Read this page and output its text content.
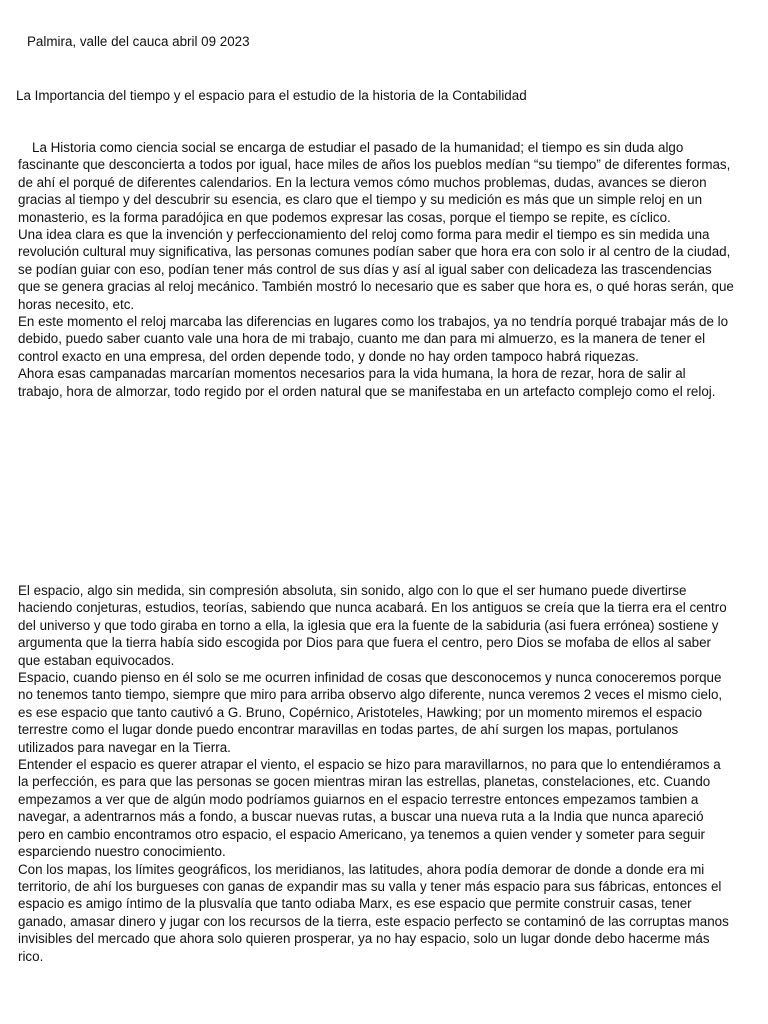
Palmira, valle del cauca abril 09 2023
La Importancia del tiempo y el espacio para el estudio de la historia de la Contabilidad

La Historia como ciencia social se encarga de estudiar el pasado de la humanidad; el tiempo es sin duda algo fascinante que desconcierta a todos por igual, hace miles de años los pueblos medían “su tiempo” de diferentes formas, de ahí el porqué de diferentes calendarios. En la lectura vemos cómo muchos problemas, dudas, avances se dieron gracias al tiempo y del descubrir su esencia, es claro que el tiempo y su medición es más que un simple reloj en un monasterio, es la forma paradójica en que podemos expresar las cosas, porque el tiempo se repite, es cíclico.

Una idea clara es que la invención y perfeccionamiento del reloj como forma para medir el tiempo es sin medida una revolución cultural muy significativa, las personas comunes podían saber que hora era con solo ir al centro de la ciudad, se podían guiar con eso, podían tener más control de sus días y así al igual saber con delicadeza las trascendencias que se genera gracias al reloj mecánico. También mostró lo necesario que es saber que hora es, o qué horas serán, que horas necesito, etc.

En este momento el reloj marcaba las diferencias en lugares como los trabajos, ya no tendría porqué trabajar más de lo debido, puedo saber cuanto vale una hora de mi trabajo, cuanto me dan para mi almuerzo, es la manera de tener el control exacto en una empresa, del orden depende todo, y donde no hay orden tampoco habrá riquezas.

Ahora esas campanadas marcarían momentos necesarios para la vida humana, la hora de rezar, hora de salir al trabajo, hora de almorzar, todo regido por el orden natural que se manifestaba en un artefacto complejo como el reloj.

El espacio, algo sin medida, sin compresión absoluta, sin sonido, algo con lo que el ser humano puede divertirse haciendo conjeturas, estudios, teorías, sabiendo que nunca acabará. En los antiguos se creía que la tierra era el centro del universo y que todo giraba en torno a ella, la iglesia que era la fuente de la sabiduria (asi fuera errónea) sostiene y argumenta que la tierra había sido escogida por Dios para que fuera el centro, pero Dios se mofaba de ellos al saber que estaban equivocados.

Espacio, cuando pienso en él solo se me ocurren infinidad de cosas que desconocemos y nunca conoceremos porque no tenemos tanto tiempo, siempre que miro para arriba observo algo diferente, nunca veremos 2 veces el mismo cielo, es ese espacio que tanto cautivó a G. Bruno, Copérnico, Aristoteles, Hawking; por un momento miremos el espacio terrestre como el lugar donde puedo encontrar maravillas en todas partes, de ahí surgen los mapas, portulanos utilizados para navegar en la Tierra.

Entender el espacio es querer atrapar el viento, el espacio se hizo para maravillarnos, no para que lo entendiéramos a la perfección, es para que las personas se gocen mientras miran las estrellas, planetas, constelaciones, etc. Cuando empezamos a ver que de algún modo podríamos guiarnos en el espacio terrestre entonces empezamos tambien a navegar, a adentrarnos más a fondo, a buscar nuevas rutas, a buscar una nueva ruta a la India que nunca apareció pero en cambio encontramos otro espacio, el espacio Americano, ya tenemos a quien vender y someter para seguir esparciendo nuestro conocimiento.

Con los mapas, los límites geográficos, los meridianos, las latitudes, ahora podía demorar de donde a donde era mi territorio, de ahí los burgueses con ganas de expandir mas su valla y tener más espacio para sus fábricas, entonces el espacio es amigo íntimo de la plusvalía que tanto odiaba Marx, es ese espacio que permite construir casas, tener ganado, amasar dinero y jugar con los recursos de la tierra, este espacio perfecto se contaminó de las corruptas manos invisibles del mercado que ahora solo quieren prosperar, ya no hay espacio, solo un lugar donde debo hacerme más rico.
